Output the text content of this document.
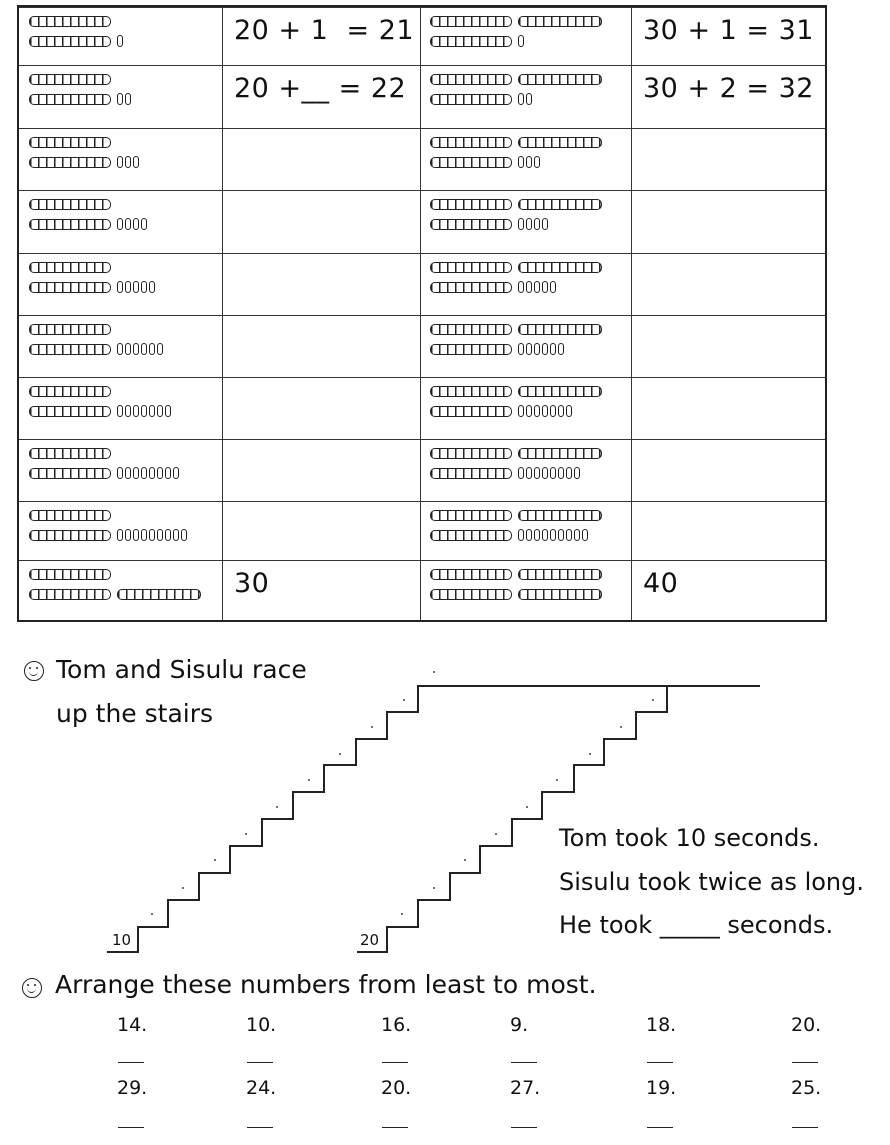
20 + 1  = 21	30 + 1 = 31
20 +__ = 22	30 + 2 = 32
30	40
Tom and Sisulu race
up the stairs
10	20
Tom took 10 seconds.
Sisulu took twice as long.
He took _____ seconds.
Arrange these numbers from least to most.
14.	10.	16.	9.	18.	20.
29.	24.	20.	27.	19.	25.
